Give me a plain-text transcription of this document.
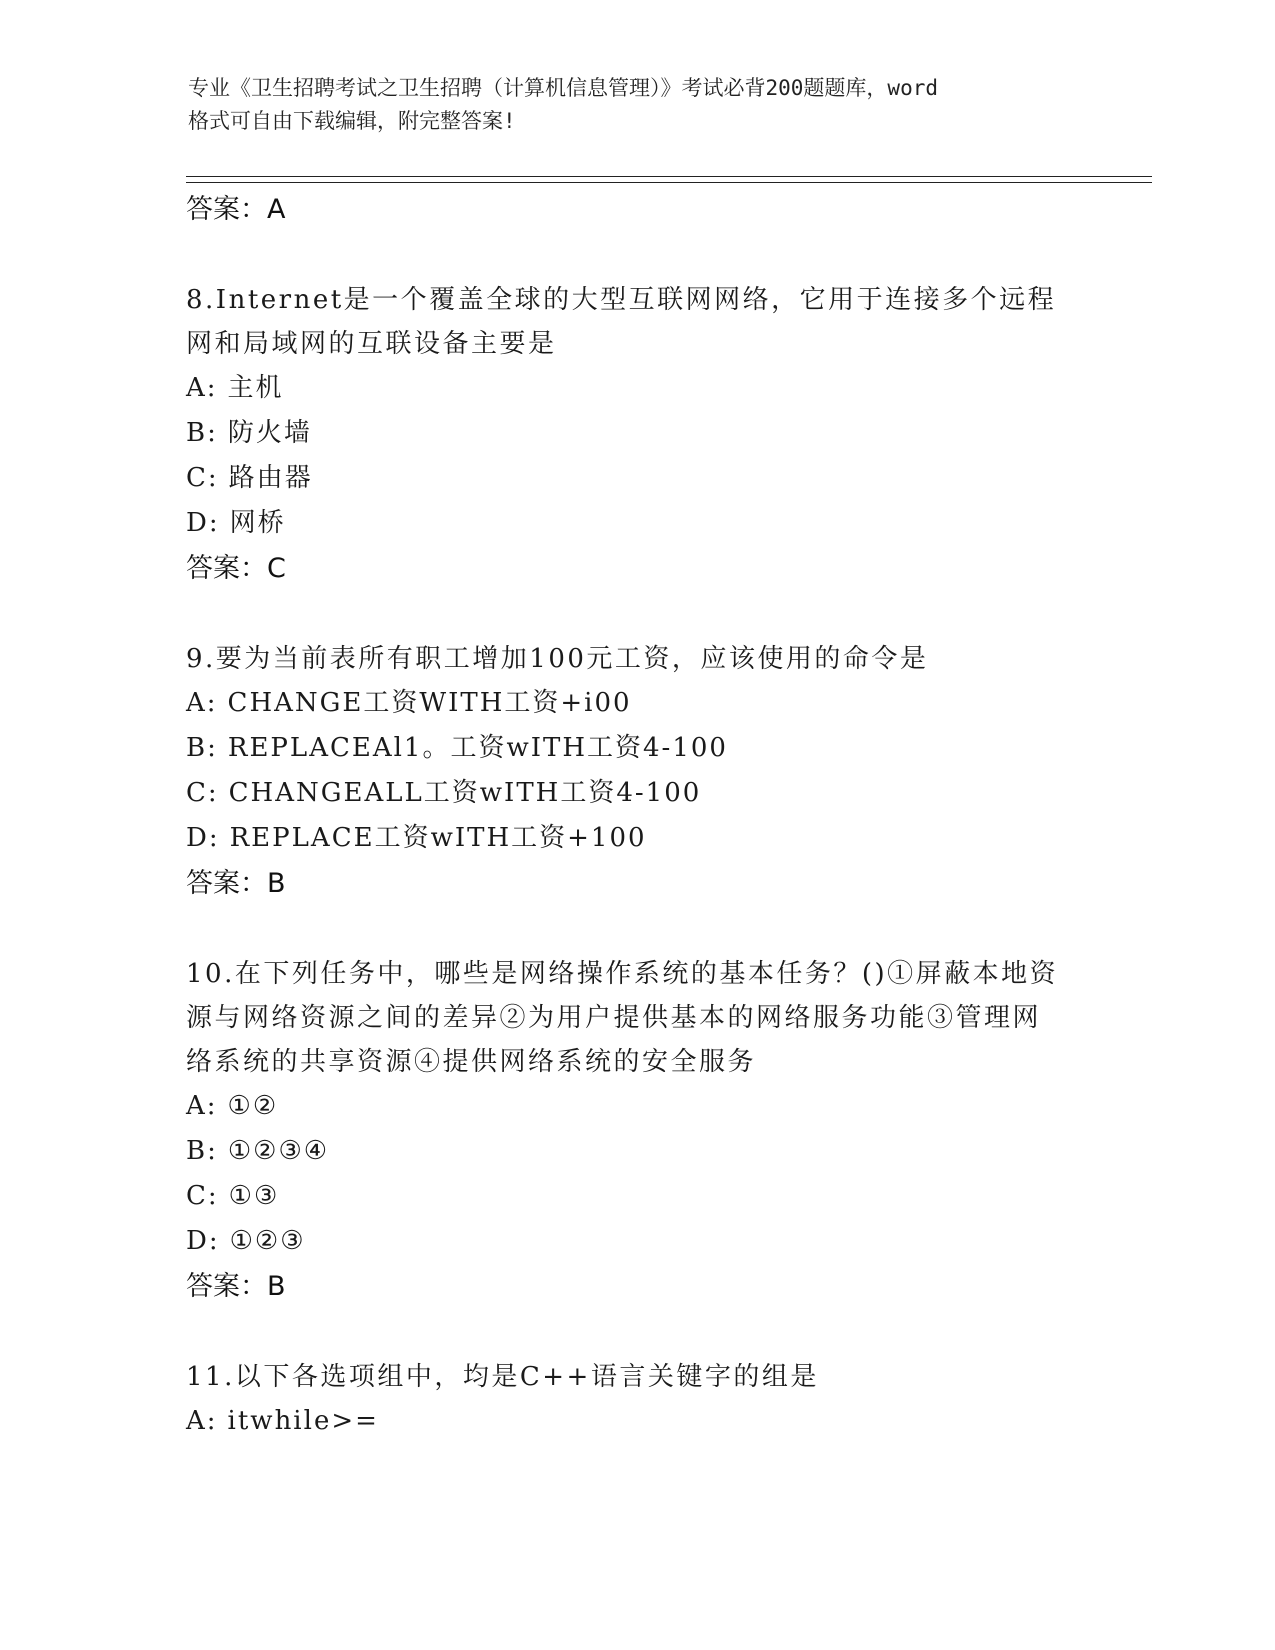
专业《卫生招聘考试之卫生招聘（计算机信息管理）》考试必背200题题库，word
格式可自由下载编辑，附完整答案!
答案：A
8.Internet是一个覆盖全球的大型互联网网络，它用于连接多个远程
网和局域网的互联设备主要是
A: 主机
B: 防火墙
C: 路由器
D: 网桥
答案：C
9.要为当前表所有职工增加100元工资，应该使用的命令是
A: CHANGE工资WITH工资+i00
B: REPLACEAl1。工资wITH工资4-100
C: CHANGEALL工资wITH工资4-100
D: REPLACE工资wITH工资+100
答案：B
10.在下列任务中，哪些是网络操作系统的基本任务？()①屏蔽本地资
源与网络资源之间的差异②为用户提供基本的网络服务功能③管理网
络系统的共享资源④提供网络系统的安全服务
A: ①②
B: ①②③④
C: ①③
D: ①②③
答案：B
11.以下各选项组中，均是C++语言关键字的组是
A: itwhile>=
